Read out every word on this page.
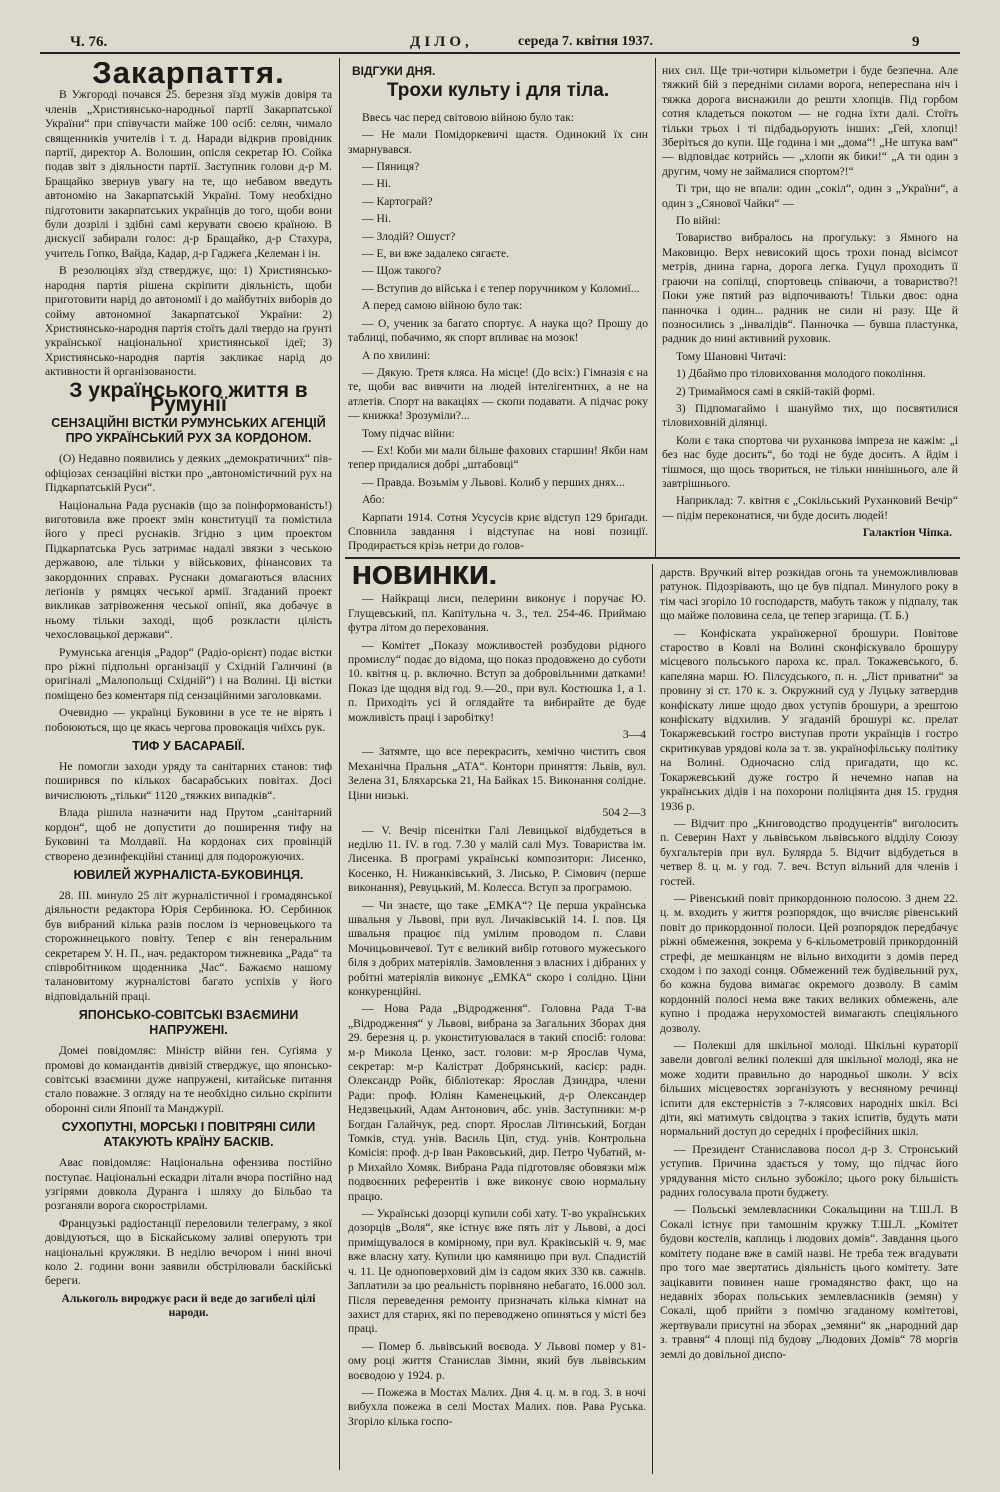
Ч. 76.	ДІЛО,	середа 7. квітня 1937.	9
Закарпаття.

В Ужгороді почався 25. березня зїзд мужів довіря та членів „Християнсько-народньої партії Закарпатської України“ при співучасти майже 100 осіб: селян, чимало священників учителів і т. д. Наради відкрив провідник партії, директор А. Волошин, опісля секретар Ю. Сойка подав звіт з діяльности партії. Заступник голови д-р М. Бращайко звернув увагу на те, що небавом введуть автономію на Закарпатській Україні. Тому необхідно підготовити закарпатських українців до того, щоби вони були дозрілі і здібні самі керувати своєю країною. В дискусії забирали голос: д-р Бращайко, д-р Стахура, учитель Гопко, Вайда, Кадар, д-р Гаджега ,Келеман і ін.

В резолюціях зїзд стверджує, що: 1) Християнсько-народня партія рішена скріпити діяльність, щоби приготовити нарід до автономії і до майбутніх виборів до сойму автономної Закарпатської України: 2) Християнсько-народня партія стоїть далі твердо на ґрунті української національної християнської ідеї; 3) Християнсько-народня партія закликає нарід до активности й організованости.

З українського життя в Румунії
СЕНЗАЦІЙНІ ВІСТКИ РУМУНСЬКИХ АГЕНЦІЙ ПРО УКРАЇНСЬКИЙ РУХ ЗА КОРДОНОМ.

(О) Недавно появились у деяких „демократичних“ пів-офіціозах сензаційні вістки про „автономістичний рух на Підкарпатській Руси“.

Національна Рада руснаків (що за поінформованість!) виготовила вже проект змін конституції та помістила його у пресі руснаків. Згідно з цим проектом Підкарпатська Русь затримає надалі звязки з чеською державою, але тільки у військових, фінансових та закордонних справах. Руснаки домагаються власних леґіонів у рямцях чеської армії. Згаданий проект викликав затрівоження чеської опінії, яка добачує в ньому тільки заході, щоб розкласти цілість чехословацької держави“.

Румунська агенція „Радор“ (Радіо-орієнт) подає вістки про ріжні підпольні організації у Східній Галичині (в оригіналі „Малопольщі Східній“) і на Волині. Ці вістки поміщено без коментаря під сензаційними заголовками.

Очевидно — українці Буковини в усе те не вірять і побоюються, що це якась чергова провокація чиїхсь рук.

ТИФ У БАСАРАБІЇ.

Не помогли заходи уряду та санітарних станов: тиф поширився по кількох басарабських повітах. Досі вичислюють „тільки“ 1120 „тяжких випадків“.

Влада рішила назначити над Прутом „санітарний кордон“, щоб не допустити до поширення тифу на Буковині та Молдавії. На кордонах сих провінцій створено дезинфекційні станиці для подорожуючих.

ЮВИЛЕЙ ЖУРНАЛІСТА-БУКОВИНЦЯ.

28. III. минуло 25 літ журналістичної і громадянської діяльности редактора Юрія Сербинюка. Ю. Сербинюк був вибраний кілька разів послом із черновецького та сторожинецького повіту. Тепер є він ґенеральним секретарем У. Н. П., нач. редактором тижневика „Рада“ та співробітником щоденника „Час“. Бажаємо нашому талановитому журналістові багато успіхів у його відповідальній праці.

ЯПОНСЬКО-СОВІТСЬКІ ВЗАЄМИНИ НАПРУЖЕНІ.

Домеі повідомляє: Міністр війни ґен. Суґіяма у промові до командантів дивізій стверджує, що японсько-совітські взаємини дуже напружені, китайське питання стало поважне. З огляду на те необхідно сильно скріпити оборонні сили Японії та Манджурії.

СУХОПУТНІ, МОРСЬКІ І ПОВІТРЯНІ СИЛИ АТАКУЮТЬ КРАЇНУ БАСКІВ.

Авас повідомляє: Національна офензива постійно поступає. Національні ескадри літали вчора постійно над узгірями довкола Дуранга і шляху до Більбао та розганяли ворога скорострілами.

Французькі радіостанції переловили телеграму, з якої довідуються, що в Біскайському заливі оперують три національні кружляки. В неділю вечором і нині вночі коло 2. години вони заявили обстрілювали баскійські береги.

Алькоголь вироджує раси й веде до загибелі цілі народи.

ВІДГУКИ ДНЯ.
Трохи культу і для тіла.

Ввесь час перед світовою війною було так:

— Не мали Помідоркевичі щастя. Одинокий їх син змарнувався.

— Пяниця?

— Ні.

— Картограй?

— Ні.

— Злодій? Ошуст?

— Е, ви вже задалеко сягаєте.

— Щож такого?

— Вступив до війська і є тепер поручником у Коломиї...

А перед самою війною було так:

— О, ученик за багато спортує. А наука що? Прошу до таблиці, побачимо, як спорт впливає на мозок!

А по хвилині:

— Дякую. Третя кляса. На місце! (До всіх:) Гімназія є на те, щоби вас вивчити на людей інтелігентних, а не на атлетів. Спорт на вакаціях — скопи подавати. А підчас року — книжка! Зрозуміли?...

Тому підчас війни:

— Ех! Коби ми мали більше фахових старшин! Якби нам тепер придалися добрі „штабовці“

— Правда. Возьмім у Львові. Колиб у перших днях...

Або:

Карпати 1914. Сотня Усусусів криє відступ 129 бриґади. Сповнила завдання і відступає на нові позиції. Продирається крізь нетри до голов-

них сил. Ще три-чотири кільометри і буде безпечна. Але тяжкий бій з передніми силами ворога, непереспана ніч і тяжка дорога виснажили до решти хлопців. Під горбом сотня кладеться покотом — не годна їхти далі. Стоїть тільки трьох і ті підбадьорують інших: „Гей, хлопці! Зберіться до купи. Ще година і ми „дома“! „Не штука вам“ — відповідає котрийсь — „хлопи як бики!“ „А ти один з другим, чому не займалися спортом?!“

Ті три, що не впали: один „сокіл“, один з „України“, а один з „Сянової Чайки“ —

По війні:

Товариство вибралось на прогульку: з Ямного на Маковицю. Верх невисокий щось трохи понад вісімсот метрів, днина гарна, дорога легка. Гуцул проходить її граючи на сопілці, спортовець співаючи, а товариство?! Поки уже пятий раз відпочивають! Тільки двоє: одна панночка і один... радник не сили ні разу. Ще й позносились з „інвалідів“. Панночка — бувша пластунка, радник до нині активний руховик.

Тому Шановні Читачі:

1) Дбаймо про тіловиховання молодого покоління.

2) Тримаймося самі в сякій-такій формі.

3) Підпомагаймо і шануймо тих, що посвятилися тіловиховній ділянці.

Коли є така спортова чи руханкова імпреза не кажім: „і без нас буде досить“, бо тоді не буде досить. А йдім і тішмося, що щось твориться, не тільки нинішнього, але й завтрішнього.

Наприклад: 7. квітня є „Сокільський Руханковий Вечір“ — підім переконатися, чи буде досить людей!

Галактіон Чіпка.

НОВИНКИ.

— Найкращі лиси, пелерини виконує і поручає Ю. Глущевський, пл. Капітульна ч. 3., тел. 254-46. Приймаю футра літом до перехования.

— Комітет „Показу можливостей розбудови рідного промислу“ подає до відома, що показ продовжено до суботи 10. квітня ц. р. включно. Вступ за добровільними датками! Показ іде щодня від год. 9.—20., при вул. Костюшка 1, а 1. п. Приходіть усі й оглядайте та вибирайте де буде можливість праці і заробітку!

3—4

— Затямте, що все перекрасить, хемічно чистить своя Механічна Пральня „АТА“. Контори приняття: Львів, вул. Зелена 31, Бляхарська 21, На Байках 15. Виконання солідне. Ціни низькі.

504 2—3

— V. Вечір пісенітки Галі Левицької відбудеться в неділю 11. IV. в год. 7.30 у малій салі Муз. Товариства ім. Лисенка. В програмі українські композитори: Лисенко, Косенко, Н. Нижанківський, З. Лисько, Р. Сімович (перше виконання), Ревуцький, М. Колесса. Вступ за програмою.

— Чи знаєте, що таке „ЕМКА“? Це перша українська швальня у Львові, при вул. Личаківській 14. І. пов. Ця швальня працює під умілим проводом п. Слави Мочицьовичевої. Тут є великий вибір готового мужеського біля з добрих матеріялів. Замовлення з власних і дібраних у робітні матеріялів виконує „ЕМКА“ скоро і солідно. Ціни конкуренційні.

— Нова Рада „Відродження“. Головна Рада Т-ва „Відродження“ у Львові, вибрана за Загальних Зборах дня 29. березня ц. р. уконституювалася в такий спосіб: голова: м-р Микола Ценко, заст. голови: м-р Ярослав Чума, секретар: м-р Калістрат Добрянський, касієр: радн. Олександр Ройк, бібліотекар: Ярослав Дзиндра, члени Ради: проф. Юліян Каменецький, д-р Олександер Недзвецький, Адам Антонович, абс. унів. Заступники: м-р Богдан Галайчук, ред. спорт. Ярослав Літинський, Богдан Томків, студ. унів. Василь Ціп, студ. унів. Контрольна Комісія: проф. д-р Іван Раковський, дир. Петро Чубатий, м-р Михайло Хомяк. Вибрана Рада підготовляє обовязки між подвоєнних референтів і вже виконує свою нормальну працю.

— Українські дозорці купили собі хату. Т-во українських дозорців „Воля“, яке істнує вже пять літ у Львові, а досі приміщувалося в комірному, при вул. Краківській ч. 9, має вже власну хату. Купили цю камяницю при вул. Спадистій ч. 11. Це одноповерховий дім із садом яких 330 кв. сажнів. Заплатили за цю реальність порівняно небагато, 16.000 зол. Після переведення ремонту призначать кілька кімнат на захист для старих, які по переводжено опиняться у місті без праці.

— Помер б. львівський воєвода. У Львові помер у 81-ому році життя Станислав Зімни, який був львівським воєводою у 1924. р.

— Пожежа в Мостах Малих. Дня 4. ц. м. в год. 3. в ночі вибухла пожежа в селі Мостах Малих. пов. Рава Руська. Згоріло кілька госпо-

дарств. Вручкий вітер розкидав огонь та унеможливлював ратунок. Підозрівають, що це був підпал. Минулого року в тім часі згоріло 10 господарств, мабуть також у підпалу, так що майже половина села, це тепер згарища. (Т. Б.)

— Конфіската українжерної брошури. Повітове староство в Ковлі на Волині сконфіскувало брошуру місцевого польського пароха кс. прал. Токажевського, б. капеляна марш. Ю. Пілсудського, п. н. „Ліст приватни“ за провину зі ст. 170 к. з. Окружний суд у Луцьку затвердив конфіскату лише щодо двох уступів брошури, а зрештою конфіскату відхилив. У згаданій брошурі кс. прелат Токаржевський гостро виступав проти українців і гостро скритикував урядові кола за т. зв. українофільську політику на Волині. Одночасно слід пригадати, що кс. Токаржевський дуже гостро й нечемно напав на українських дідів і на похорони поліціянта дня 15. грудня 1936 р.

— Відчит про „Книговодство продуцентів“ виголосить п. Северин Нахт у львівськом львівського відділу Союзу бухгальтерів при вул. Булярда 5. Відчит відбудеться в четвер 8. ц. м. у год. 7. веч. Вступ вільний для членів і гостей.

— Рівенський повіт прикордонною полосою. З днем 22. ц. м. входить у життя розпорядок, що вчисляє рівенський повіт до прикордонної полоси. Цей розпорядок передбачує ріжні обмеження, зокрема у 6-кільометровій прикордонній стрефі, де мешканцям не вільно виходити з домів перед сходом і по заході сонця. Обмежений теж будівельний рух, бо кожна будова вимагає окремого дозволу. В самім кордонній полосі нема вже таких великих обмежень, але купно і продажа нерухомостей вимагають спеціяльного дозволу.

— Полекші для шкільної молоді. Шкільні кураторії завели довголі великі полекші для шкільної молоді, яка не може ходити правильно до народньої школи. У всіх більших місцевостях зорганізують у весняному речинці іспити для екстерністів з 7-клясових народніх шкіл. Всі діти, які матимуть свідоцтва з таких іспитів, будуть мати нормальний доступ до середніх і професійних шкіл.

— Президент Станиславова посол д-р З. Стронський уступив. Причина здається у тому, що підчас його урядування місто сильно зубожіло; цього року більшість радних голосувала проти буджету.

— Польські землевласники Сокальщини на Т.Ш.Л. В Сокалі істнує при тамошнім кружку Т.Ш.Л. „Комітет будови костелів, каплиць і людових домів“. Завдання цього комітету подане вже в самій назві. Не треба теж вгадувати про того мае звертатись діяльність цього комітету. Зате зацікавити повинен наше громадянство факт, що на недавніх зборах польських землевласників (земян) у Сокалі, щоб прийти з помічю згаданому комітетові, жертвували присутні на зборах „земяни“ як „народний дар з. травня“ 4 площі під будову „Людових Домів“ 78 моргів землі до довільної диспо-
